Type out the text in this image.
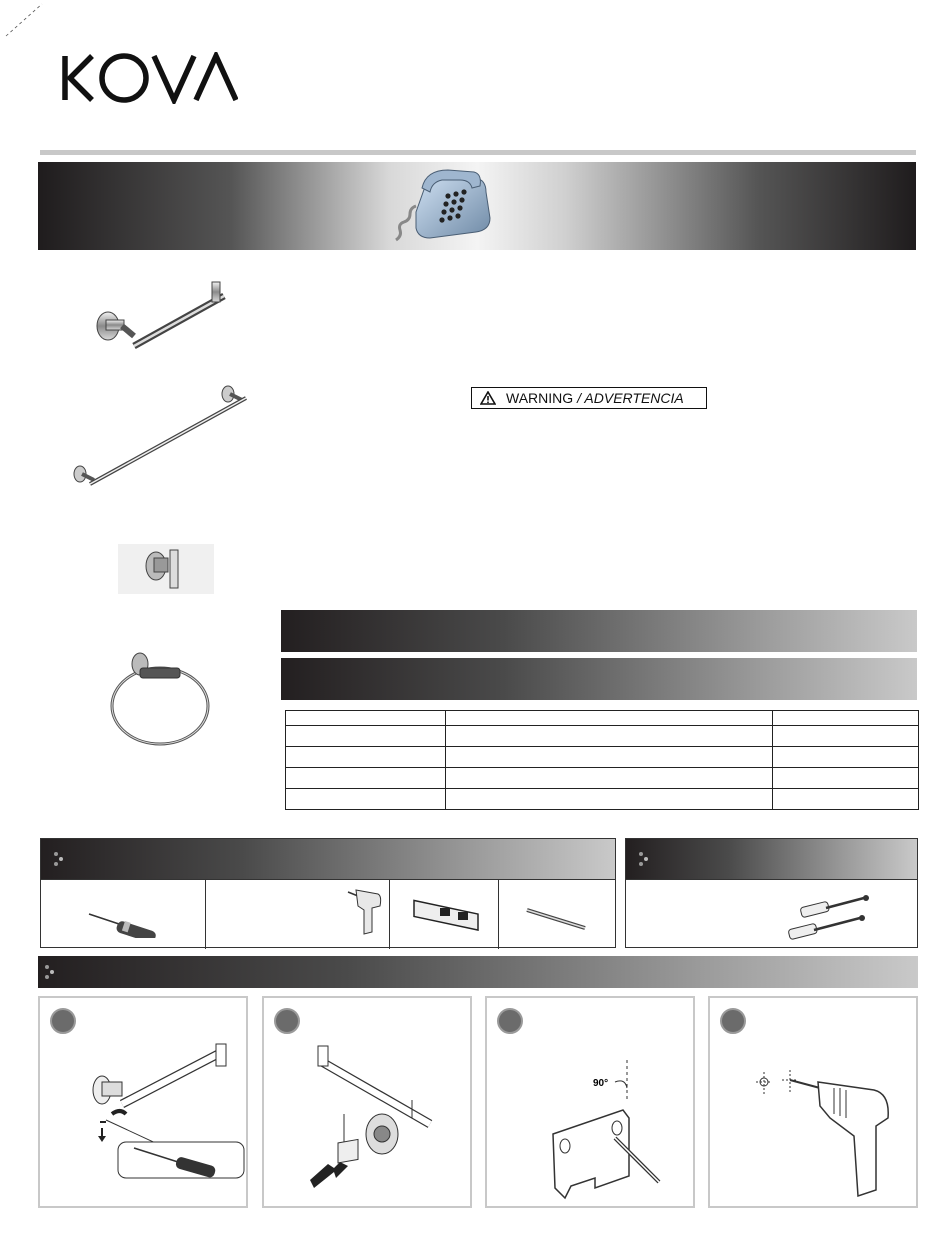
WARNING / ADVERTENCIA

90°
